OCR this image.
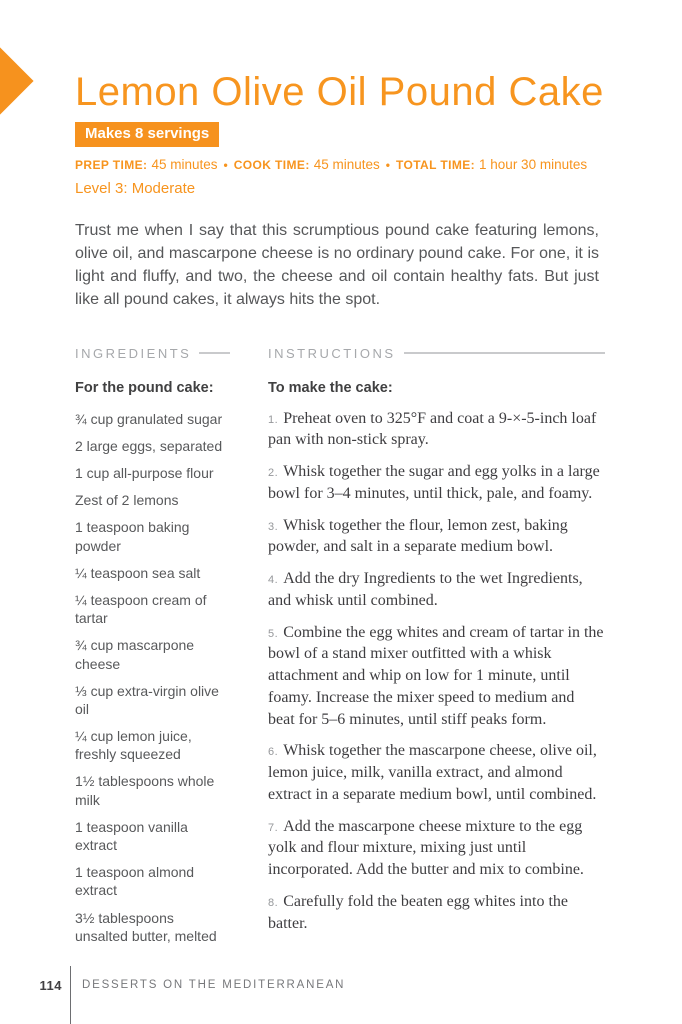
Lemon Olive Oil Pound Cake
Makes 8 servings
PREP TIME: 45 minutes • COOK TIME: 45 minutes • TOTAL TIME: 1 hour 30 minutes
Level 3: Moderate
Trust me when I say that this scrumptious pound cake featuring lemons, olive oil, and mascarpone cheese is no ordinary pound cake. For one, it is light and fluffy, and two, the cheese and oil contain healthy fats. But just like all pound cakes, it always hits the spot.
INGREDIENTS
For the pound cake:
¾ cup granulated sugar
2 large eggs, separated
1 cup all-purpose flour
Zest of 2 lemons
1 teaspoon baking powder
¼ teaspoon sea salt
¼ teaspoon cream of tartar
¾ cup mascarpone cheese
⅓ cup extra-virgin olive oil
¼ cup lemon juice, freshly squeezed
1½ tablespoons whole milk
1 teaspoon vanilla extract
1 teaspoon almond extract
3½ tablespoons unsalted butter, melted
INSTRUCTIONS
To make the cake:
1. Preheat oven to 325°F and coat a 9-×-5-inch loaf pan with non-stick spray.
2. Whisk together the sugar and egg yolks in a large bowl for 3–4 minutes, until thick, pale, and foamy.
3. Whisk together the flour, lemon zest, baking powder, and salt in a separate medium bowl.
4. Add the dry Ingredients to the wet Ingredients, and whisk until combined.
5. Combine the egg whites and cream of tartar in the bowl of a stand mixer outfitted with a whisk attachment and whip on low for 1 minute, until foamy. Increase the mixer speed to medium and beat for 5–6 minutes, until stiff peaks form.
6. Whisk together the mascarpone cheese, olive oil, lemon juice, milk, vanilla extract, and almond extract in a separate medium bowl, until combined.
7. Add the mascarpone cheese mixture to the egg yolk and flour mixture, mixing just until incorporated. Add the butter and mix to combine.
8. Carefully fold the beaten egg whites into the batter.
114 DESSERTS ON THE MEDITERRANEAN
